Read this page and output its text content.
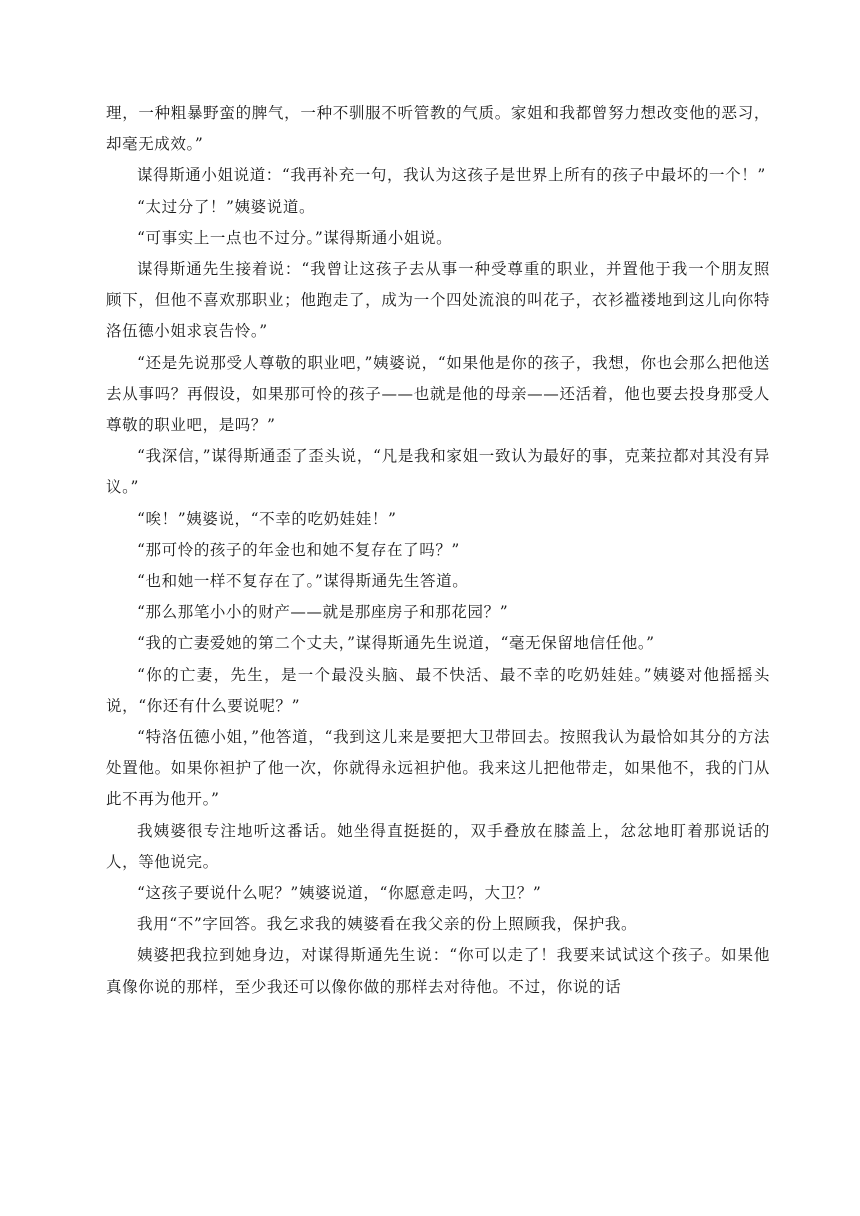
理，一种粗暴野蛮的脾气，一种不驯服不听管教的气质。家姐和我都曾努力想改变他的恶习，却毫无成效。”

谋得斯通小姐说道：“我再补充一句，我认为这孩子是世界上所有的孩子中最坏的一个！”

“太过分了！”姨婆说道。

“可事实上一点也不过分。”谋得斯通小姐说。

谋得斯通先生接着说：“我曾让这孩子去从事一种受尊重的职业，并置他于我一个朋友照顾下，但他不喜欢那职业；他跑走了，成为一个四处流浪的叫花子，衣衫褴褛地到这儿向你特洛伍德小姐求哀告怜。”

“还是先说那受人尊敬的职业吧，”姨婆说，“如果他是你的孩子，我想，你也会那么把他送去从事吗？再假设，如果那可怜的孩子——也就是他的母亲——还活着，他也要去投身那受人尊敬的职业吧，是吗？”

“我深信，”谋得斯通歪了歪头说，“凡是我和家姐一致认为最好的事，克莱拉都对其没有异议。”

“唉！”姨婆说，“不幸的吃奶娃娃！”

“那可怜的孩子的年金也和她不复存在了吗？”

“也和她一样不复存在了。”谋得斯通先生答道。

“那么那笔小小的财产——就是那座房子和那花园？”

“我的亡妻爱她的第二个丈夫，”谋得斯通先生说道，“毫无保留地信任他。”

“你的亡妻，先生，是一个最没头脑、最不快活、最不幸的吃奶娃娃。”姨婆对他摇摇头说，“你还有什么要说呢？”

“特洛伍德小姐，”他答道，“我到这儿来是要把大卫带回去。按照我认为最恰如其分的方法处置他。如果你袒护了他一次，你就得永远袒护他。我来这儿把他带走，如果他不，我的门从此不再为他开。”

我姨婆很专注地听这番话。她坐得直挺挺的，双手叠放在膝盖上，忿忿地盯着那说话的人，等他说完。

“这孩子要说什么呢？”姨婆说道，“你愿意走吗，大卫？”

我用“不”字回答。我乞求我的姨婆看在我父亲的份上照顾我，保护我。

姨婆把我拉到她身边，对谋得斯通先生说：“你可以走了！我要来试试这个孩子。如果他真像你说的那样，至少我还可以像你做的那样去对待他。不过，你说的话
